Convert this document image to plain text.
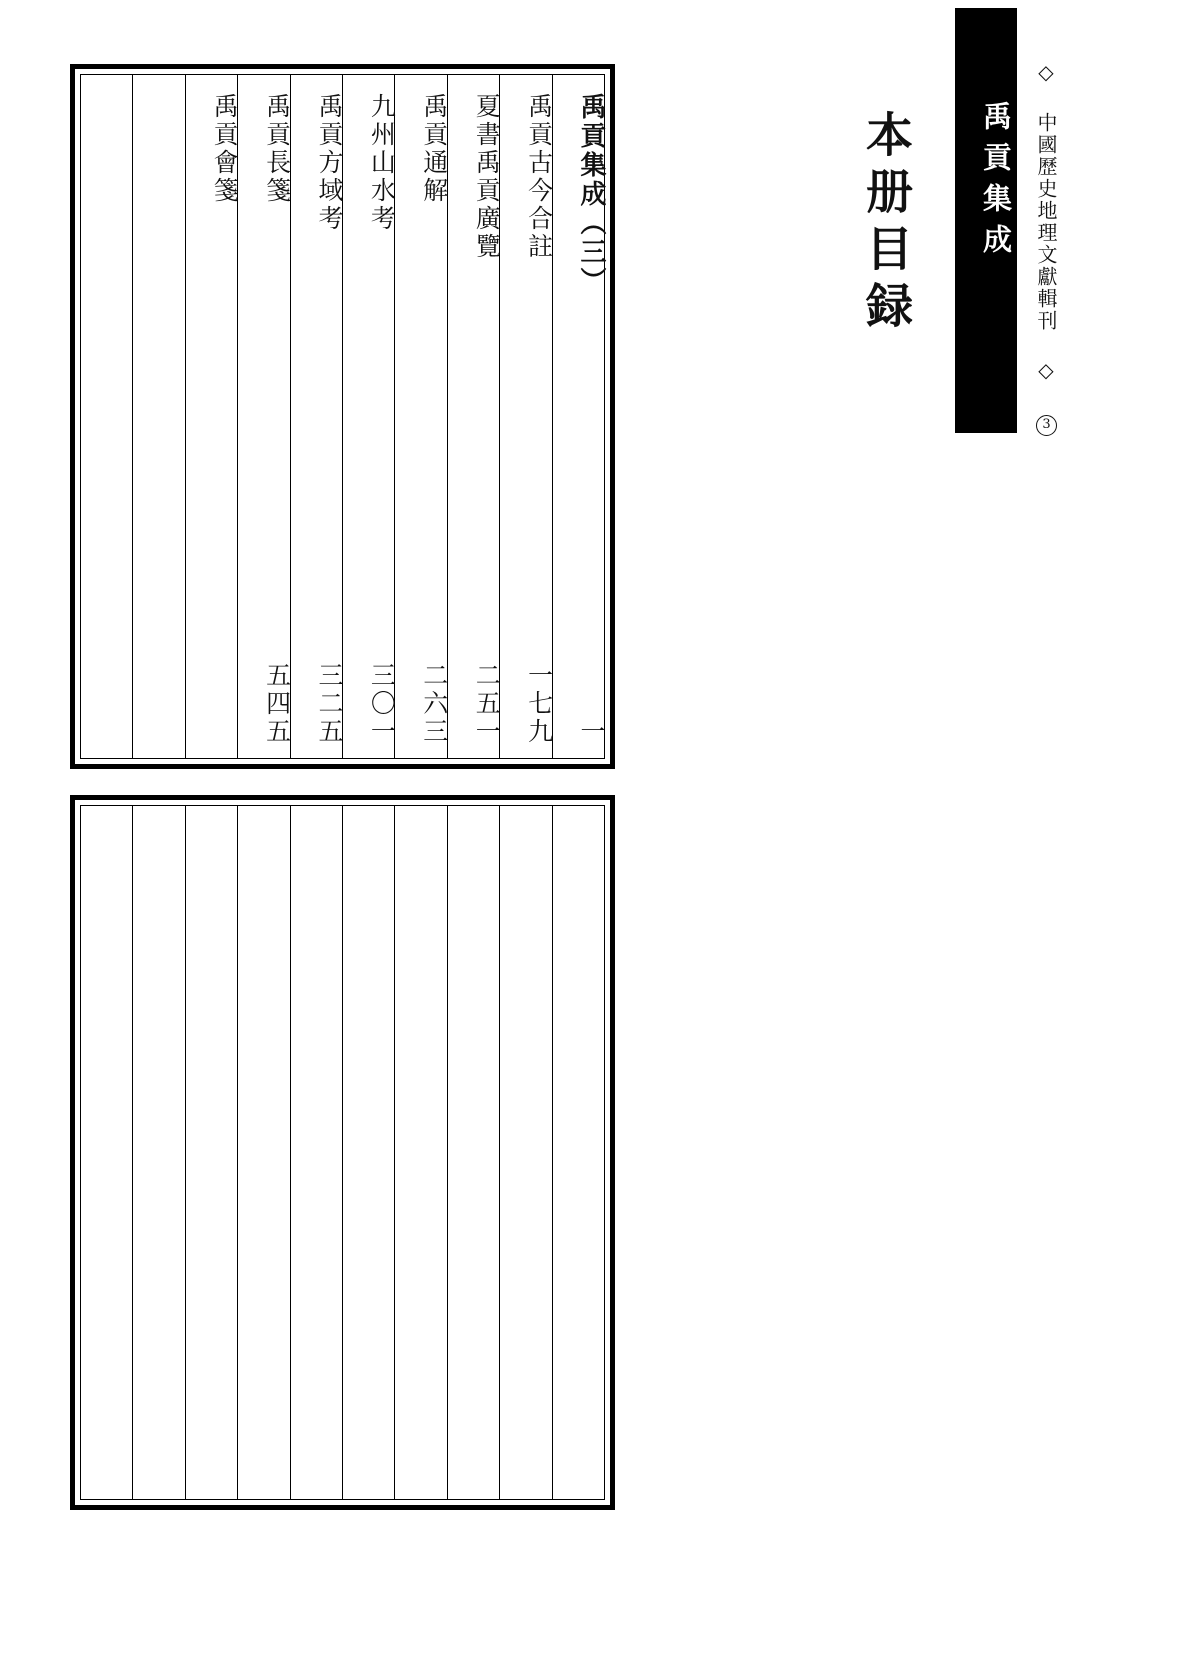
禹貢集成	◇ 中國歷史地理文獻輯刊 ◇ 3
本册目録
禹貢集成（三）
一
禹貢古今合註
一七九
夏書禹貢廣覽
二五一
禹貢通解
二六三
九州山水考
三〇一
禹貢方域考
三二五
禹貢長箋
五四五
禹貢會箋
